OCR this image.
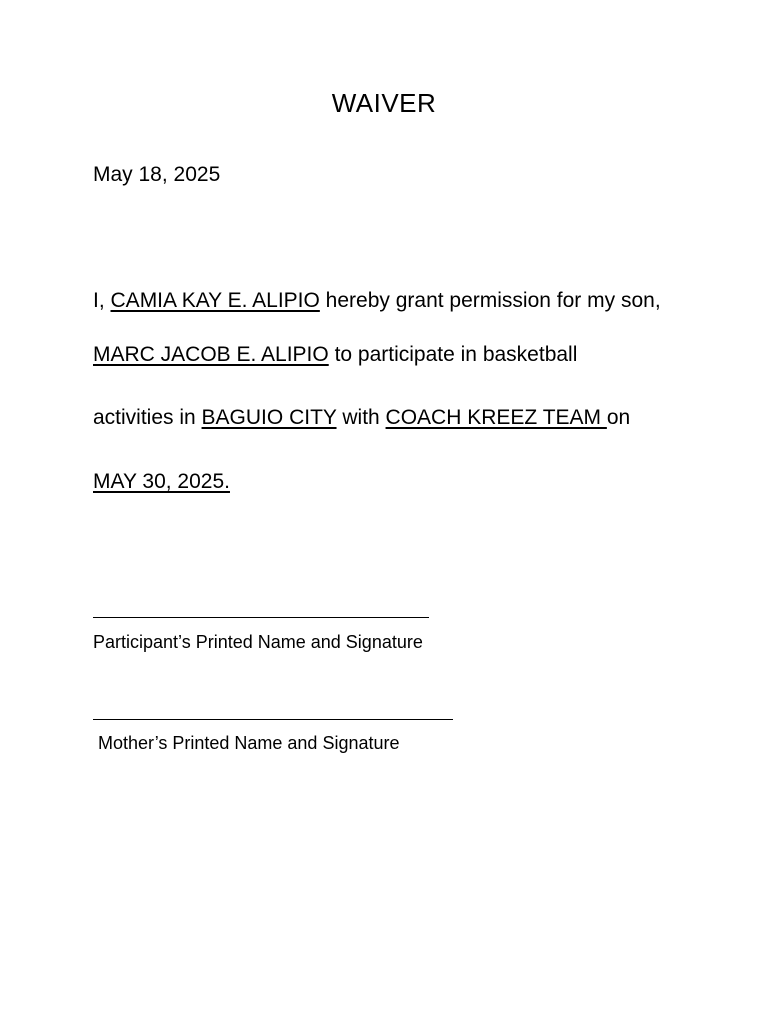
WAIVER
May 18, 2025
I, CAMIA KAY E. ALIPIO hereby grant permission for my son,
MARC JACOB E. ALIPIO to participate in basketball
activities in BAGUIO CITY with COACH KREEZ TEAM on
MAY 30, 2025.
Participant’s Printed Name and Signature
Mother’s Printed Name and Signature
